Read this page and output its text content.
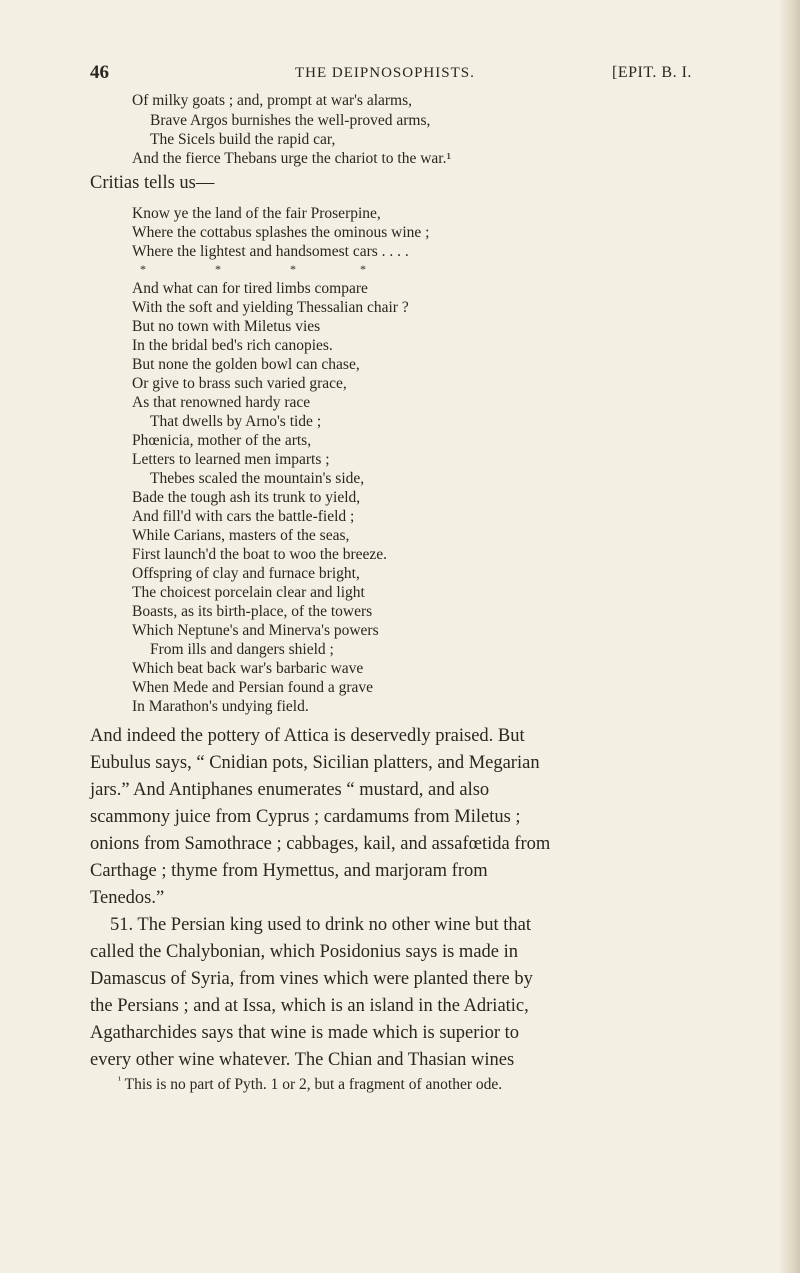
46	THE DEIPNOSOPHISTS.	[EPIT. B. I.
Of milky goats ; and, prompt at war's alarms,
Brave Argos burnishes the well-proved arms,
The Sicels build the rapid car,
And the fierce Thebans urge the chariot to the war.¹
Critias tells us—
Know ye the land of the fair Proserpine,
Where the cottabus splashes the ominous wine ;
Where the lightest and handsomest cars . . . .
*	*	*	*
And what can for tired limbs compare
With the soft and yielding Thessalian chair ?
But no town with Miletus vies
In the bridal bed's rich canopies.
But none the golden bowl can chase,
Or give to brass such varied grace,
As that renowned hardy race
That dwells by Arno's tide ;
Phœnicia, mother of the arts,
Letters to learned men imparts ;
Thebes scaled the mountain's side,
Bade the tough ash its trunk to yield,
And fill'd with cars the battle-field ;
While Carians, masters of the seas,
First launch'd the boat to woo the breeze.
Offspring of clay and furnace bright,
The choicest porcelain clear and light
Boasts, as its birth-place, of the towers
Which Neptune's and Minerva's powers
From ills and dangers shield ;
Which beat back war's barbaric wave
When Mede and Persian found a grave
In Marathon's undying field.
And indeed the pottery of Attica is deservedly praised. But
Eubulus says, “ Cnidian pots, Sicilian platters, and Megarian
jars.” And Antiphanes enumerates “ mustard, and also
scammony juice from Cyprus ; cardamums from Miletus ;
onions from Samothrace ; cabbages, kail, and assafœtida from
Carthage ; thyme from Hymettus, and marjoram from
Tenedos.”
51. The Persian king used to drink no other wine but that
called the Chalybonian, which Posidonius says is made in
Damascus of Syria, from vines which were planted there by
the Persians ; and at Issa, which is an island in the Adriatic,
Agatharchides says that wine is made which is superior to
every other wine whatever. The Chian and Thasian wines
$^{^1}$ This is no part of Pyth. 1 or 2, but a fragment of another ode.
